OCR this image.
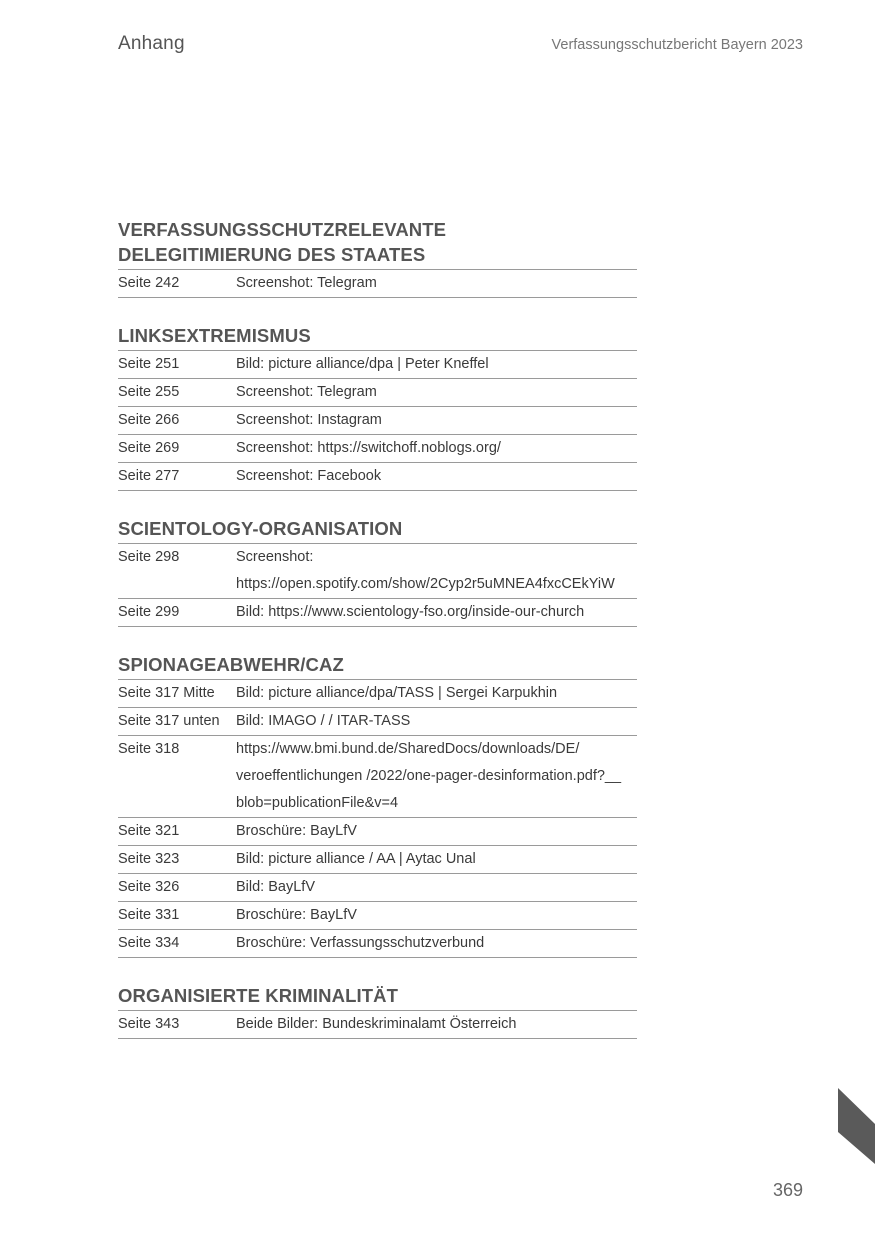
Anhang	Verfassungsschutzbericht Bayern 2023
VERFASSUNGSSCHUTZRELEVANTE
DELEGITIMIERUNG DES STAATES
Seite 242	Screenshot: Telegram
LINKSEXTREMISMUS
Seite 251	Bild: picture alliance/dpa | Peter Kneffel
Seite 255	Screenshot: Telegram
Seite 266	Screenshot: Instagram
Seite 269	Screenshot: https://switchoff.noblogs.org/
Seite 277	Screenshot: Facebook
SCIENTOLOGY-ORGANISATION
Seite 298	Screenshot:
https://open.spotify.com/show/2Cyp2r5uMNEA4fxcCEkYiW
Seite 299	Bild: https://www.scientology-fso.org/inside-our-church
SPIONAGEABWEHR/CAZ
Seite 317 Mitte	Bild: picture alliance/dpa/TASS | Sergei Karpukhin
Seite 317 unten	Bild: IMAGO / / ITAR-TASS
Seite 318	https://www.bmi.bund.de/SharedDocs/downloads/DE/
veroeffentlichungen /2022/one-pager-desinformation.pdf?__
blob=publicationFile&v=4
Seite 321	Broschüre: BayLfV
Seite 323	Bild: picture alliance / AA | Aytac Unal
Seite 326	Bild: BayLfV
Seite 331	Broschüre: BayLfV
Seite 334	Broschüre: Verfassungsschutzverbund
ORGANISIERTE KRIMINALITÄT
Seite 343	Beide Bilder: Bundeskriminalamt Österreich
369
